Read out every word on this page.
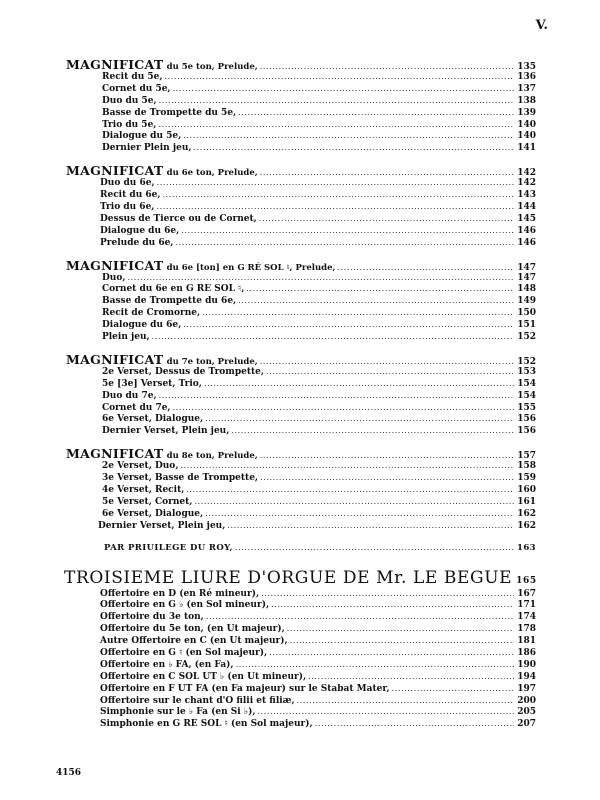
V.
MAGNIFICAT
du 5e ton, Prelude, .....	135
Recit du 5e, .....	136
Cornet du 5e, .....	137
Duo du 5e, .....	138
Basse de Trompette du 5e, .....	139
Trio du 5e, .....	140
Dialogue du 5e, .....	140
Dernier Plein jeu, .....	141
MAGNIFICAT
du 6e ton, Prelude, .....	142
Duo du 6e, .....	142
Recit du 6e, .....	143
Trio du 6e, .....	144
Dessus de Tierce ou de Cornet, .....	145
Dialogue du 6e, .....	146
Prelude du 6e, .....	146
MAGNIFICAT
du 6e [ton] en G RÉ SOL ♮, Prelude, .....	147
Duo, .....	147
Cornet du 6e en G RE SOL ♮, .....	148
Basse de Trompette du 6e, .....	149
Recit de Cromorne, .....	150
Dialogue du 6e, .....	151
Plein jeu, .....	152
MAGNIFICAT
du 7e ton, Prelude, .....	152
2e Verset, Dessus de Trompette, .....	153
5e [3e] Verset, Trio, .....	154
Duo du 7e, .....	154
Cornet du 7e, .....	155
6e Verset, Dialogue, .....	156
Dernier Verset, Plein jeu, .....	156
MAGNIFICAT
du 8e ton, Prelude, .....	157
2e Verset, Duo, .....	158
3e Verset, Basse de Trompette, .....	159
4e Verset, Recit, .....	160
5e Verset, Cornet, .....	161
6e Verset, Dialogue, .....	162
Dernier Verset, Plein jeu, .....	162
PAR PRIUILEGE DU ROY, .....	163
TROISIEME LIURE D'ORGUE DE Mr. LE BEGUE 165
Offertoire en D (en Ré mineur), .....	167
Offertoire en G ♭ (en Sol mineur), .....	171
Offertoire du 3e ton, .....	174
Offertoire du 5e ton, (en Ut majeur), .....	178
Autre Offertoire en C (en Ut majeur), .....	181
Offertoire en G ♮ (en Sol majeur), .....	186
Offertoire en ♭ FA, (en Fa), .....	190
Offertoire en C SOL UT ♭ (en Ut mineur), .....	194
Offertoire en F UT FA (en Fa majeur) sur le Stabat Mater, .....	197
Offertoire sur le chant d'O filii et filiæ, .....	200
Simphonie sur le ♭ Fa (en Si ♭), .....	205
Simphonie en G RE SOL ♮ (en Sol majeur), .....	207
4156
